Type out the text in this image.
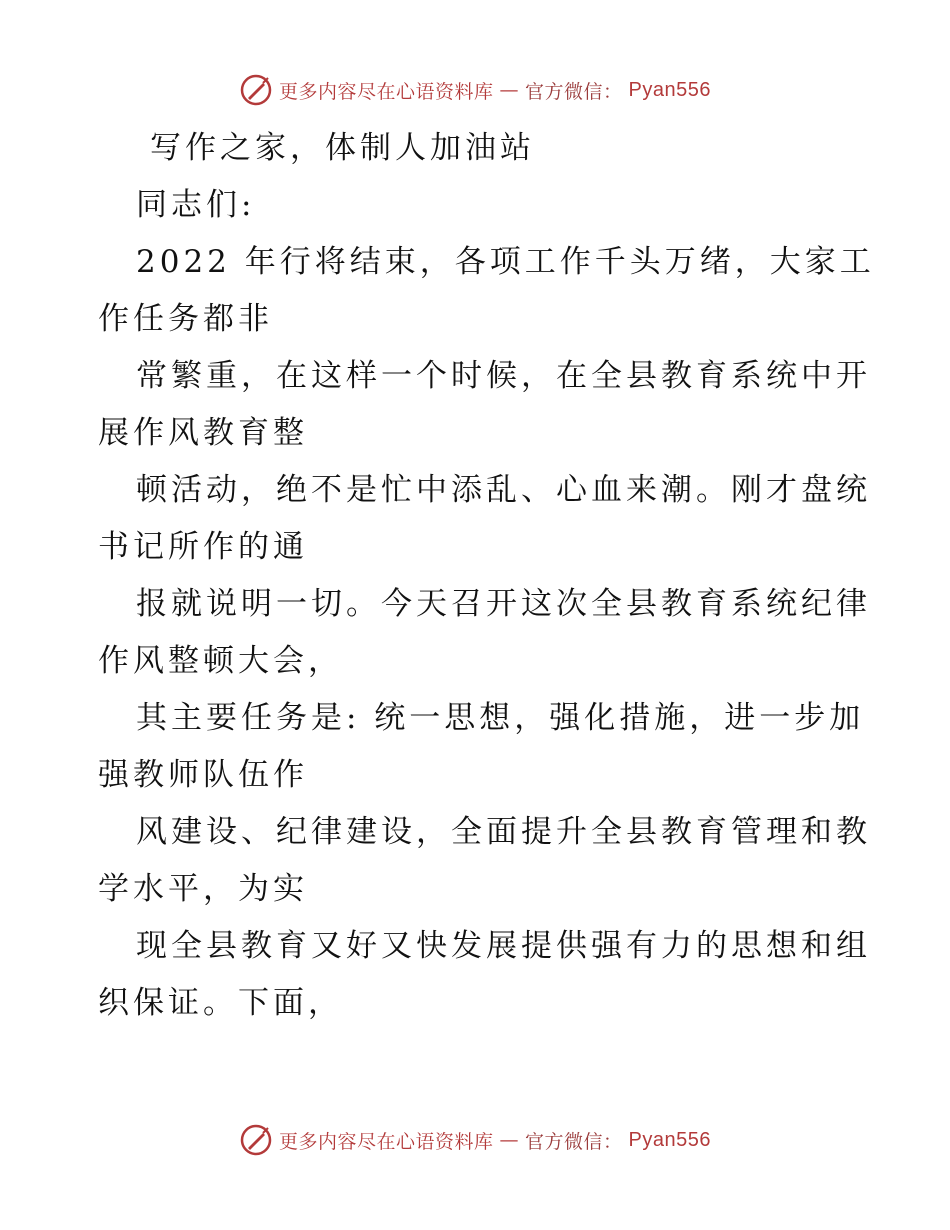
更多内容尽在心语资料库 — 官方微信： Pyan556
写作之家，体制人加油站
同志们:
2022 年行将结束，各项工作千头万绪，大家工
作任务都非
常繁重，在这样一个时候，在全县教育系统中开
展作风教育整
顿活动，绝不是忙中添乱、心血来潮。刚才盘统
书记所作的通
报就说明一切。今天召开这次全县教育系统纪律
作风整顿大会，
其主要任务是: 统一思想，强化措施，进一步加
强教师队伍作
风建设、纪律建设，全面提升全县教育管理和教
学水平，为实
现全县教育又好又快发展提供强有力的思想和组
织保证。下面，
更多内容尽在心语资料库 — 官方微信： Pyan556
